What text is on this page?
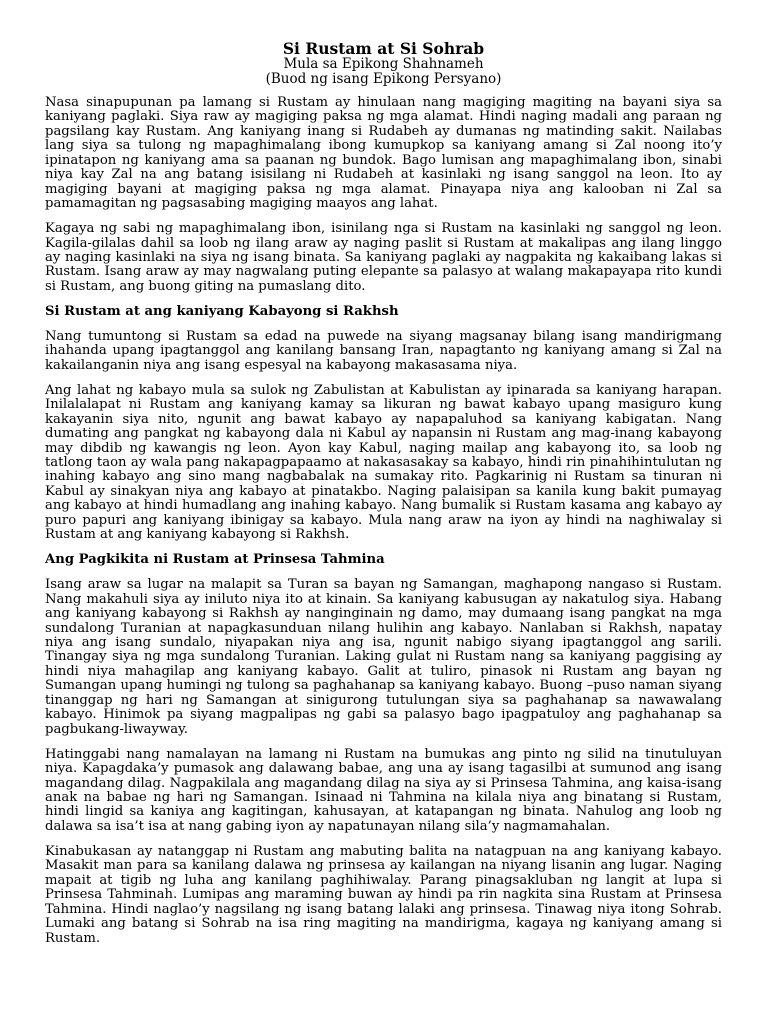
Si Rustam at Si Sohrab
Mula sa Epikong Shahnameh
(Buod ng isang Epikong Persyano)

Nasa sinapupunan pa lamang si Rustam ay hinulaan nang magiging magiting na bayani siya sa kaniyang paglaki. Siya raw ay magiging paksa ng mga alamat. Hindi naging madali ang paraan ng pagsilang kay Rustam. Ang kaniyang inang si Rudabeh ay dumanas ng matinding sakit. Nailabas lang siya sa tulong ng mapaghimalang ibong kumupkop sa kaniyang amang si Zal noong ito’y ipinatapon ng kaniyang ama sa paanan ng bundok. Bago lumisan ang mapaghimalang ibon, sinabi niya kay Zal na ang batang isisilang ni Rudabeh at kasinlaki ng isang sanggol na leon. Ito ay magiging bayani at magiging paksa ng mga alamat. Pinayapa niya ang kalooban ni Zal sa pamamagitan ng pagsasabing magiging maayos ang lahat.

Kagaya ng sabi ng mapaghimalang ibon, isinilang nga si Rustam na kasinlaki ng sanggol ng leon. Kagila-gilalas dahil sa loob ng ilang araw ay naging paslit si Rustam at makalipas ang ilang linggo ay naging kasinlaki na siya ng isang binata. Sa kaniyang paglaki ay nagpakita ng kakaibang lakas si Rustam. Isang araw ay may nagwalang puting elepante sa palasyo at walang makapayapa rito kundi si Rustam, ang buong giting na pumaslang dito.

Si Rustam at ang kaniyang Kabayong si Rakhsh

Nang tumuntong si Rustam sa edad na puwede na siyang magsanay bilang isang mandirigmang ihahanda upang ipagtanggol ang kanilang bansang Iran, napagtanto ng kaniyang amang si Zal na kakailanganin niya ang isang espesyal na kabayong makasasama niya.

Ang lahat ng kabayo mula sa sulok ng Zabulistan at Kabulistan ay ipinarada sa kaniyang harapan. Inilalalapat ni Rustam ang kaniyang kamay sa likuran ng bawat kabayo upang masiguro kung kakayanin siya nito, ngunit ang bawat kabayo ay napapaluhod sa kaniyang kabigatan. Nang dumating ang pangkat ng kabayong dala ni Kabul ay napansin ni Rustam ang mag-inang kabayong may dibdib ng kawangis ng leon. Ayon kay Kabul, naging mailap ang kabayong ito, sa loob ng tatlong taon ay wala pang nakapagpapaamo at nakasasakay sa kabayo, hindi rin pinahihintulutan ng inahing kabayo ang sino mang nagbabalak na sumakay rito. Pagkarinig ni Rustam sa tinuran ni Kabul ay sinakyan niya ang kabayo at pinatakbo. Naging palaisipan sa kanila kung bakit pumayag ang kabayo at hindi humadlang ang inahing kabayo. Nang bumalik si Rustam kasama ang kabayo ay puro papuri ang kaniyang ibinigay sa kabayo. Mula nang araw na iyon ay hindi na naghiwalay si Rustam at ang kaniyang kabayong si Rakhsh.

Ang Pagkikita ni Rustam at Prinsesa Tahmina

Isang araw sa lugar na malapit sa Turan sa bayan ng Samangan, maghapong nangaso si Rustam. Nang makahuli siya ay iniluto niya ito at kinain. Sa kaniyang kabusugan ay nakatulog siya. Habang ang kaniyang kabayong si Rakhsh ay nanginginain ng damo, may dumaang isang pangkat na mga sundalong Turanian at napagkasunduan nilang hulihin ang kabayo. Nanlaban si Rakhsh, napatay niya ang isang sundalo, niyapakan niya ang isa, ngunit nabigo siyang ipagtanggol ang sarili. Tinangay siya ng mga sundalong Turanian. Laking gulat ni Rustam nang sa kaniyang paggising ay hindi niya mahagilap ang kaniyang kabayo. Galit at tuliro, pinasok ni Rustam ang bayan ng Sumangan upang humingi ng tulong sa paghahanap sa kaniyang kabayo. Buong –puso naman siyang tinanggap ng hari ng Samangan at sinigurong tutulungan siya sa paghahanap sa nawawalang kabayo. Hinimok pa siyang magpalipas ng gabi sa palasyo bago ipagpatuloy ang paghahanap sa pagbukang-liwayway.

Hatinggabi nang namalayan na lamang ni Rustam na bumukas ang pinto ng silid na tinutuluyan niya. Kapagdaka’y pumasok ang dalawang babae, ang una ay isang tagasilbi at sumunod ang isang magandang dilag. Nagpakilala ang magandang dilag na siya ay si Prinsesa Tahmina, ang kaisa-isang anak na babae ng hari ng Samangan. Isinaad ni Tahmina na kilala niya ang binatang si Rustam, hindi lingid sa kaniya ang kagitingan, kahusayan, at katapangan ng binata. Nahulog ang loob ng dalawa sa isa’t isa at nang gabing iyon ay napatunayan nilang sila’y nagmamahalan.

Kinabukasan ay natanggap ni Rustam ang mabuting balita na natagpuan na ang kaniyang kabayo. Masakit man para sa kanilang dalawa ng prinsesa ay kailangan na niyang lisanin ang lugar. Naging mapait at tigib ng luha ang kanilang paghihiwalay. Parang pinagsakluban ng langit at lupa si Prinsesa Tahminah. Lumipas ang maraming buwan ay hindi pa rin nagkita sina Rustam at Prinsesa Tahmina. Hindi naglao’y nagsilang ng isang batang lalaki ang prinsesa. Tinawag niya itong Sohrab. Lumaki ang batang si Sohrab na isa ring magiting na mandirigma, kagaya ng kaniyang amang si Rustam.
